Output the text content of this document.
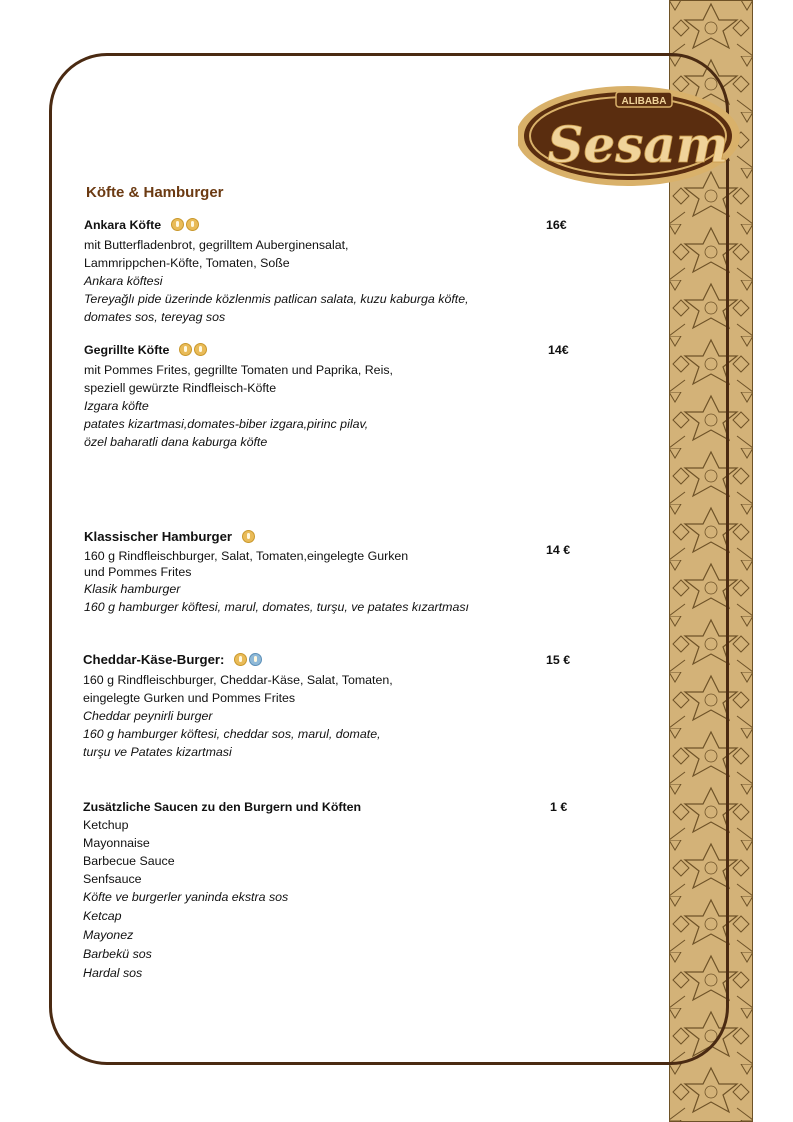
ALIBABA
Sesam
Köfte & Hamburger
Ankara Köfte
mit Butterfladenbrot, gegrilltem Auberginensalat,
Lammrippchen-Köfte, Tomaten, Soße
Ankara köftesi
Tereyağlı pide üzerinde közlenmis patlican salata, kuzu kaburga köfte,
domates sos, tereyag sos
16€
Gegrillte Köfte
mit Pommes Frites, gegrillte Tomaten und Paprika, Reis,
speziell gewürzte Rindfleisch-Köfte
Izgara köfte
patates kizartmasi,domates-biber izgara,pirinc pilav,
özel baharatli dana kaburga köfte
14€
Klassischer Hamburger
160 g Rindfleischburger, Salat, Tomaten,eingelegte Gurken
und Pommes Frites
Klasik hamburger
160 g hamburger köftesi, marul, domates, turşu, ve patates kızartması
14 €
Cheddar-Käse-Burger:
160 g Rindfleischburger, Cheddar-Käse, Salat, Tomaten,
eingelegte Gurken und Pommes Frites
Cheddar peynirli burger
160 g hamburger köftesi, cheddar sos, marul, domate,
turşu ve Patates kizartmasi
15 €
Zusätzliche Saucen zu den Burgern und Köften
Ketchup
Mayonnaise
Barbecue Sauce
Senfsauce
Köfte ve burgerler yaninda ekstra sos
Ketcap
Mayonez
Barbekü sos
Hardal sos
1 €
